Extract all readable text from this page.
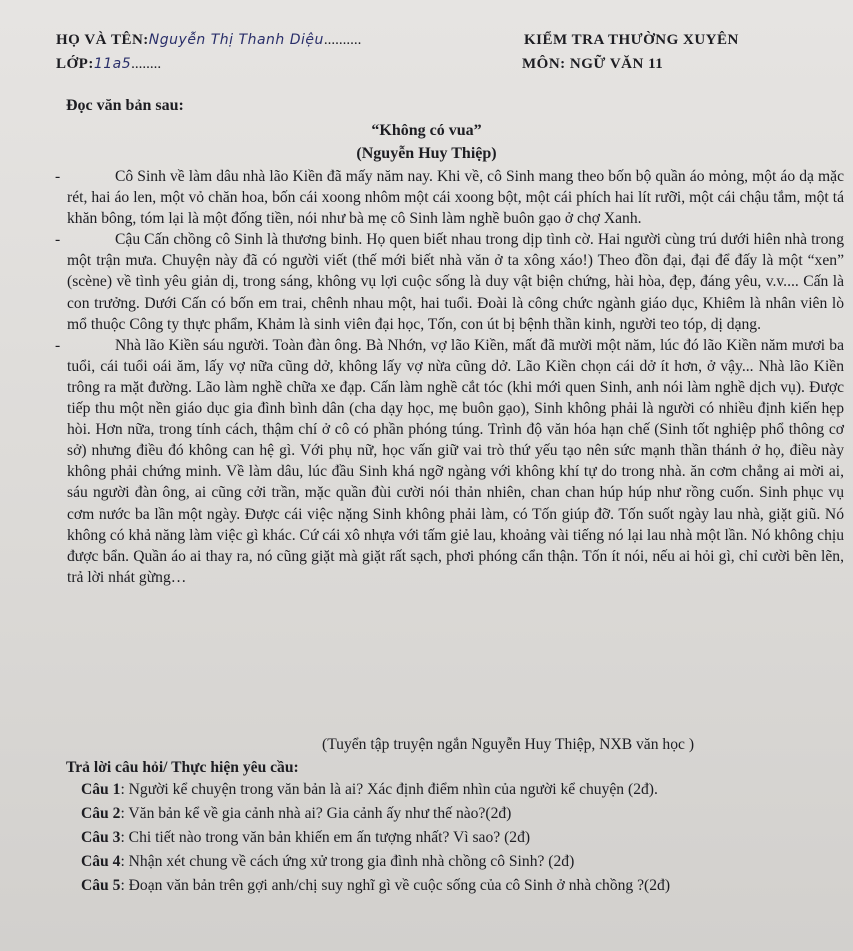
HỌ VÀ TÊN:Nguyễn Thị Thanh Diệu..........
LỚP:11a5........
KIỂM TRA THƯỜNG XUYÊN
MÔN: NGỮ VĂN 11
Đọc văn bản sau:
“Không có vua”
(Nguyễn Huy Thiệp)

-	Cô Sinh về làm dâu nhà lão Kiền đã mấy năm nay. Khi về, cô Sinh mang theo bốn bộ quần áo mỏng, một áo dạ mặc rét, hai áo len, một vỏ chăn hoa, bốn cái xoong nhôm một cái xoong bột, một cái phích hai lít rưỡi, một cái chậu tắm, một tá khăn bông, tóm lại là một đống tiền, nói như bà mẹ cô Sinh làm nghề buôn gạo ở chợ Xanh.

-	Cậu Cấn chồng cô Sinh là thương binh. Họ quen biết nhau trong dịp tình cờ. Hai người cùng trú dưới hiên nhà trong một trận mưa. Chuyện này đã có người viết (thế mới biết nhà văn ở ta xông xáo!) Theo đồn đại, đại để đấy là một “xen” (scène) về tình yêu giản dị, trong sáng, không vụ lợi cuộc sống là duy vật biện chứng, hài hòa, đẹp, đáng yêu, v.v.... Cấn là con trưởng. Dưới Cấn có bốn em trai, chênh nhau một, hai tuổi. Đoài là công chức ngành giáo dục, Khiêm là nhân viên lò mổ thuộc Công ty thực phẩm, Khảm là sinh viên đại học, Tốn, con út bị bệnh thần kinh, người teo tóp, dị dạng.

-	Nhà lão Kiền sáu người. Toàn đàn ông. Bà Nhớn, vợ lão Kiền, mất đã mười một năm, lúc đó lão Kiền năm mươi ba tuổi, cái tuổi oái ăm, lấy vợ nữa cũng dở, không lấy vợ nừa cũng dở. Lão Kiền chọn cái dở ít hơn, ở vậy... Nhà lão Kiền trông ra mặt đường. Lão làm nghề chữa xe đạp. Cấn làm nghề cắt tóc (khi mới quen Sinh, anh nói làm nghề dịch vụ). Được tiếp thu một nền giáo dục gia đình bình dân (cha dạy học, mẹ buôn gạo), Sinh không phải là người có nhiều định kiến hẹp hòi. Hơn nữa, trong tính cách, thậm chí ở cô có phần phóng túng. Trình độ văn hóa hạn chế (Sinh tốt nghiệp phổ thông cơ sở) nhưng điều đó không can hệ gì. Với phụ nữ, học vấn giữ vai trò thứ yếu tạo nên sức mạnh thần thánh ở họ, điều này không phải chứng minh. Về làm dâu, lúc đầu Sinh khá ngỡ ngàng với không khí tự do trong nhà. ăn cơm chẳng ai mời ai, sáu người đàn ông, ai cũng cởi trần, mặc quần đùi cười nói thản nhiên, chan chan húp húp như rồng cuốn. Sinh phục vụ cơm nước ba lần một ngày. Được cái việc nặng Sinh không phải làm, có Tốn giúp đỡ. Tốn suốt ngày lau nhà, giặt giũ. Nó không có khả năng làm việc gì khác. Cứ cái xô nhựa với tấm giẻ lau, khoảng vài tiếng nó lại lau nhà một lần. Nó không chịu được bẩn. Quần áo ai thay ra, nó cũng giặt mà giặt rất sạch, phơi phóng cẩn thận. Tốn ít nói, nếu ai hỏi gì, chỉ cười bẽn lẽn, trả lời nhát gừng…

(Tuyển tập truyện ngắn Nguyễn Huy Thiệp, NXB văn học )
Trả lời câu hỏi/ Thực hiện yêu cầu:
Câu 1: Người kể chuyện trong văn bản là ai? Xác định điểm nhìn của người kể chuyện (2đ).
Câu 2: Văn bản kể về gia cảnh nhà ai? Gia cảnh ấy như thế nào?(2đ)
Câu 3: Chi tiết nào trong văn bản khiến em ấn tượng nhất? Vì sao? (2đ)
Câu 4: Nhận xét chung về cách ứng xử trong gia đình nhà chồng cô Sinh? (2đ)
Câu 5: Đoạn văn bản trên gợi anh/chị suy nghĩ gì về cuộc sống của cô Sinh ở nhà chồng ?(2đ)
